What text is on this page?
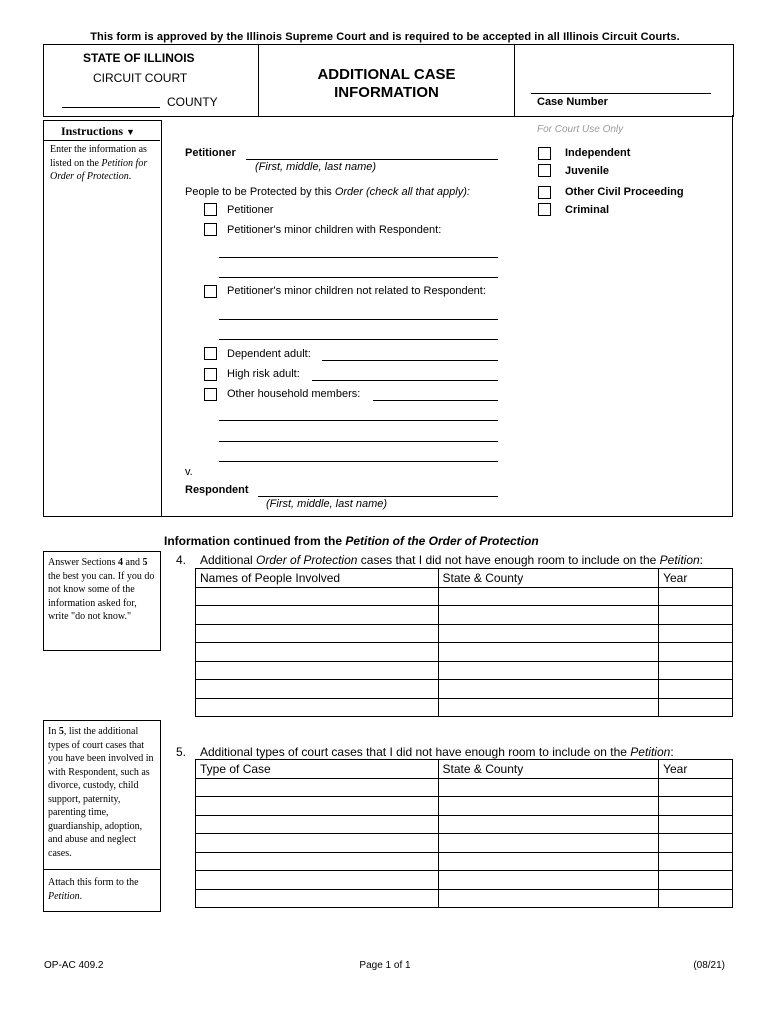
This form is approved by the Illinois Supreme Court and is required to be accepted in all Illinois Circuit Courts.
STATE OF ILLINOIS
CIRCUIT COURT
COUNTY
ADDITIONAL CASE
INFORMATION
Case Number
Instructions ▼
Enter the information as listed on the Petition for Order of Protection.
Petitioner
(First, middle, last name)
People to be Protected by this Order (check all that apply):
Petitioner
Petitioner's minor children with Respondent:
Petitioner's minor children not related to Respondent:
Dependent adult:
High risk adult:
Other household members:
v.
Respondent
(First, middle, last name)
For Court Use Only
Independent
Juvenile
Other Civil Proceeding
Criminal
Information continued from the Petition of the Order of Protection
Answer Sections 4 and 5 the best you can. If you do not know some of the information asked for, write "do not know."
In 5, list the additional types of court cases that you have been involved in with Respondent, such as divorce, custody, child support, paternity, parenting time, guardianship, adoption, and abuse and neglect cases.
Attach this form to the Petition.
4. Additional Order of Protection cases that I did not have enough room to include on the Petition:
Names of People Involved	State & County	Year

5. Additional types of court cases that I did not have enough room to include on the Petition:
Type of Case	State & County	Year

OP-AC 409.2	Page 1 of 1	(08/21)
